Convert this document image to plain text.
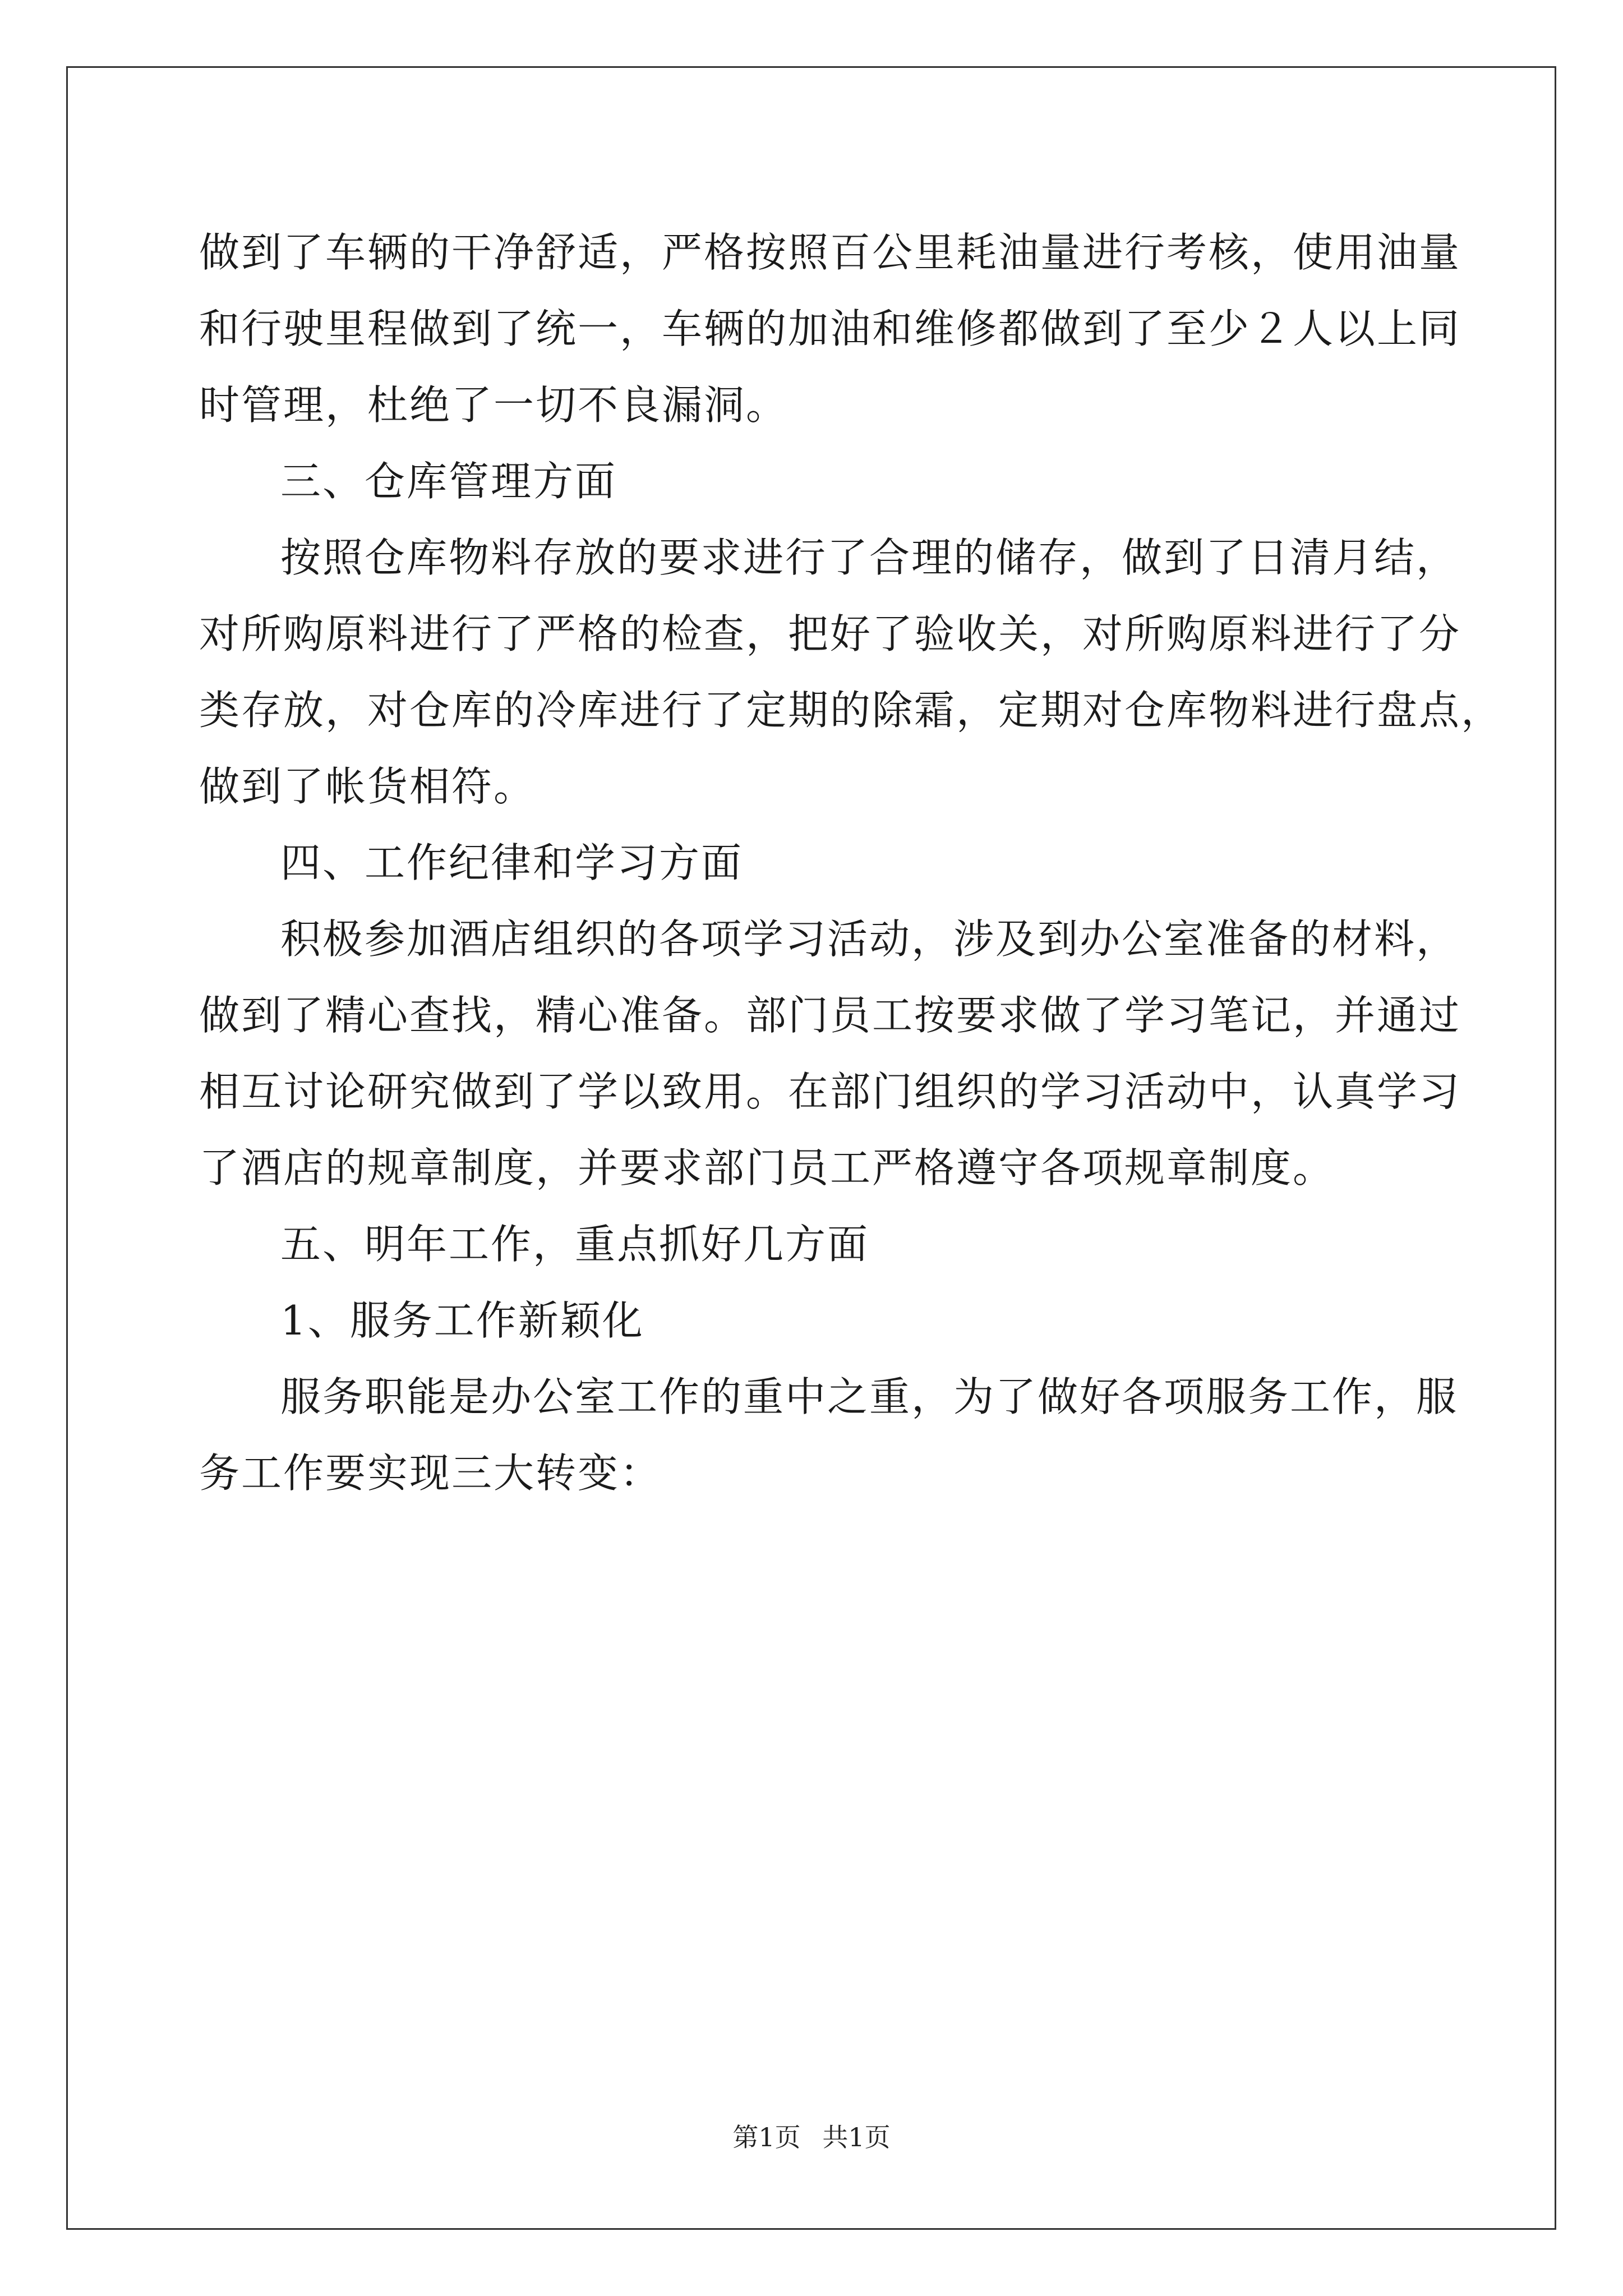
做到了车辆的干净舒适，严格按照百公里耗油量进行考核，使用油量
和行驶里程做到了统一，车辆的加油和维修都做到了至少２人以上同
时管理，杜绝了一切不良漏洞。
三、仓库管理方面
按照仓库物料存放的要求进行了合理的储存，做到了日清月结，
对所购原料进行了严格的检查，把好了验收关，对所购原料进行了分
类存放，对仓库的冷库进行了定期的除霜，定期对仓库物料进行盘点，
做到了帐货相符。
四、工作纪律和学习方面
积极参加酒店组织的各项学习活动，涉及到办公室准备的材料，
做到了精心查找，精心准备。部门员工按要求做了学习笔记，并通过
相互讨论研究做到了学以致用。在部门组织的学习活动中，认真学习
了酒店的规章制度，并要求部门员工严格遵守各项规章制度。
五、明年工作，重点抓好几方面
1、服务工作新颖化
服务职能是办公室工作的重中之重，为了做好各项服务工作，服
务工作要实现三大转变：
第1页 共1页
